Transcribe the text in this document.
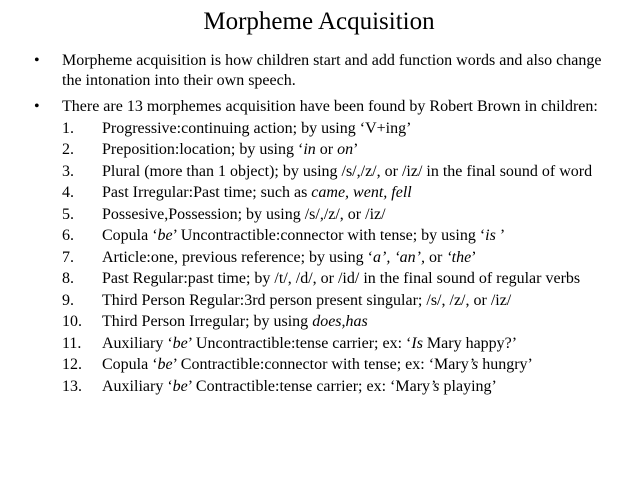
Morpheme Acquisition
• Morpheme acquisition is how children start and add function words and also change the intonation into their own speech.
• There are 13 morphemes acquisition have been found by Robert Brown in children:
1. Progressive:continuing action; by using ‘V+ing’
2. Preposition:location; by using ‘in or on’
3. Plural (more than 1 object); by using /s/,/z/, or /iz/ in the final sound of word
4. Past Irregular:Past time; such as came, went, fell
5. Possesive,Possession; by using /s/,/z/, or /iz/
6. Copula ‘be’ Uncontractible:connector with tense; by using ‘is ’
7. Article:one, previous reference; by using ‘a’, ‘an’, or ‘the’
8. Past Regular:past time; by /t/, /d/, or /id/ in the final sound of regular verbs
9. Third Person Regular:3rd person present singular; /s/, /z/, or /iz/
10. Third Person Irregular; by using does,has
11. Auxiliary ‘be’ Uncontractible:tense carrier; ex: ‘Is Mary happy?’
12. Copula ‘be’ Contractible:connector with tense; ex: ‘Mary’s hungry’
13. Auxiliary ‘be’ Contractible:tense carrier; ex: ‘Mary’s playing’
